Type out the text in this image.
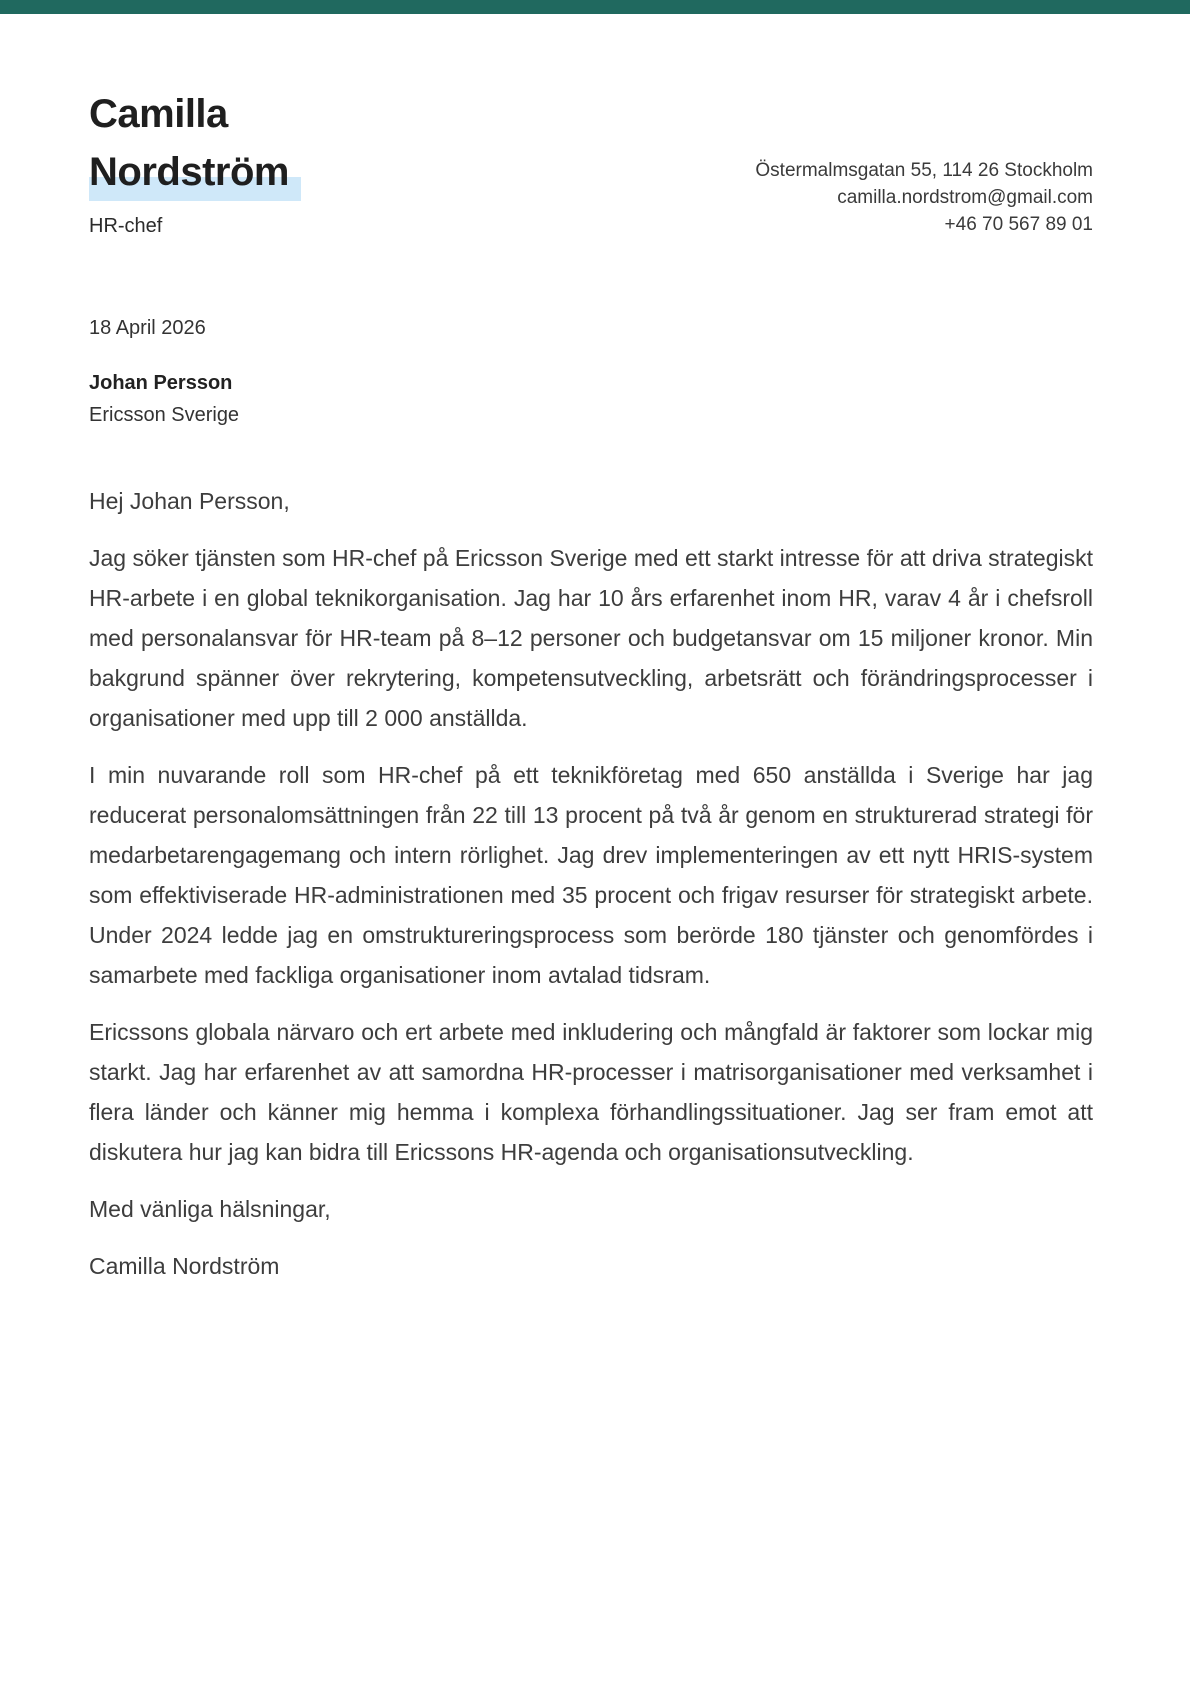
Camilla
Nordström
HR-chef
Östermalmsgatan 55, 114 26 Stockholm
camilla.nordstrom@gmail.com
+46 70 567 89 01
18 April 2026
Johan Persson
Ericsson Sverige

Hej Johan Persson,

Jag söker tjänsten som HR-chef på Ericsson Sverige med ett starkt intresse för att driva strategiskt HR-arbete i en global teknikorganisation. Jag har 10 års erfarenhet inom HR, varav 4 år i chefsroll med personalansvar för HR-team på 8–12 personer och budgetansvar om 15 miljoner kronor. Min bakgrund spänner över rekrytering, kompetensutveckling, arbetsrätt och förändringsprocesser i organisationer med upp till 2 000 anställda.

I min nuvarande roll som HR-chef på ett teknikföretag med 650 anställda i Sverige har jag reducerat personalomsättningen från 22 till 13 procent på två år genom en strukturerad strategi för medarbetarengagemang och intern rörlighet. Jag drev implementeringen av ett nytt HRIS-system som effektiviserade HR-administrationen med 35 procent och frigav resurser för strategiskt arbete. Under 2024 ledde jag en omstruktureringsprocess som berörde 180 tjänster och genomfördes i samarbete med fackliga organisationer inom avtalad tidsram.

Ericssons globala närvaro och ert arbete med inkludering och mångfald är faktorer som lockar mig starkt. Jag har erfarenhet av att samordna HR-processer i matrisorganisationer med verksamhet i flera länder och känner mig hemma i komplexa förhandlingssituationer. Jag ser fram emot att diskutera hur jag kan bidra till Ericssons HR-agenda och organisationsutveckling.

Med vänliga hälsningar,

Camilla Nordström
